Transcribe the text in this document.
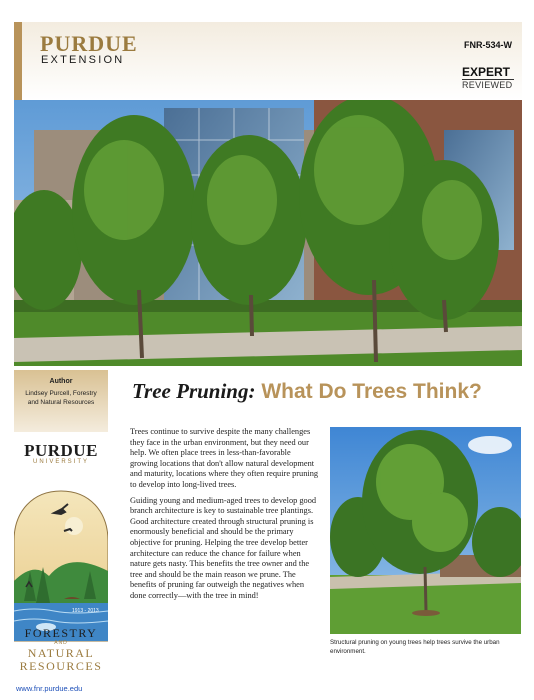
PURDUE
EXTENSION
FNR-534-W
EXPERT
REVIEWED
Author
Lindsey Purcell, Forestry and Natural Resources
PURDUE
UNIVERSITY
1913 - 2013
FORESTRY
AND
NATURAL
RESOURCES
www.fnr.purdue.edu
Tree Pruning: What Do Trees Think?

Trees continue to survive despite the many challenges they face in the urban environment, but they need our help. We often place trees in less-than-favorable growing locations that don't allow natural development and maturity, locations where they often require pruning to develop into long-lived trees.

Guiding young and medium-aged trees to develop good branch architecture is key to sustainable tree plantings. Good architecture created through structural pruning is enormously beneficial and should be the primary objective for pruning. Helping the tree develop better architecture can reduce the chance for failure when nature gets nasty. This benefits the tree owner and the tree and should be the main reason we prune. The benefits of pruning far outweigh the negatives when done correctly—with the tree in mind!

Structural pruning on young trees help trees survive the urban environment.
